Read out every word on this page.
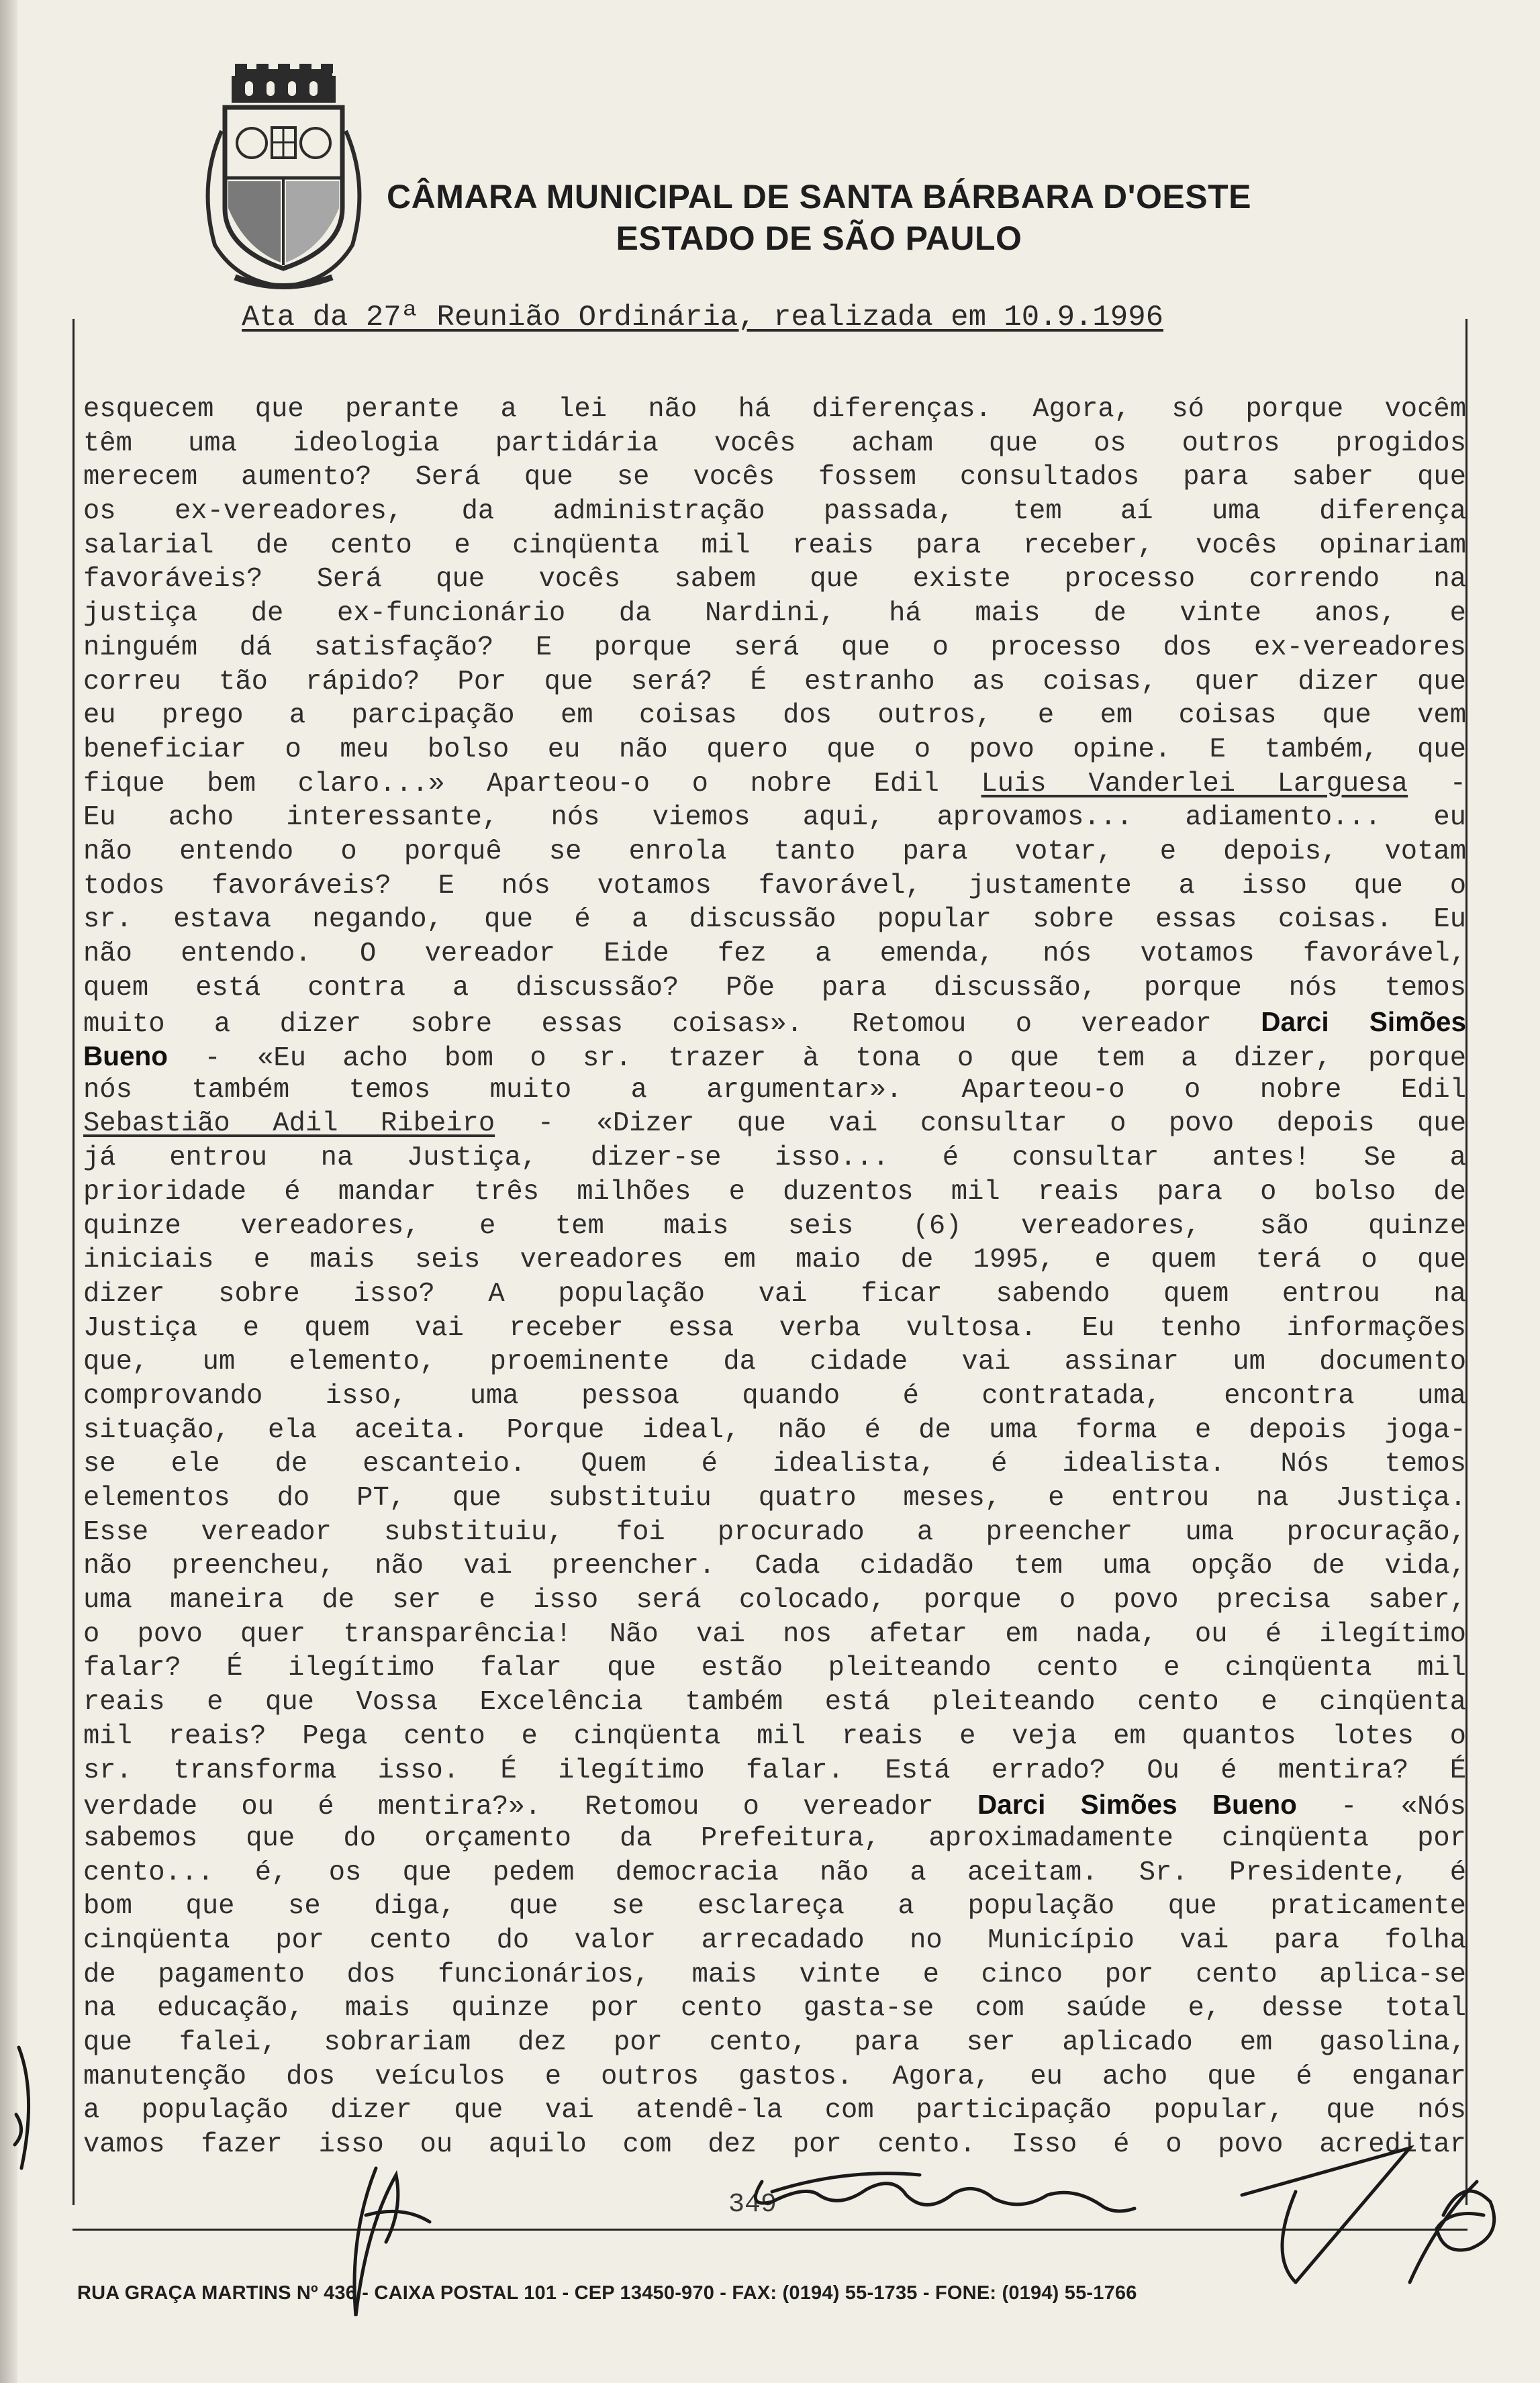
CÂMARA MUNICIPAL DE SANTA BÁRBARA D'OESTE
ESTADO DE SÃO PAULO
Ata da 27ª Reunião Ordinária, realizada em 10.9.1996
esquecem que perante a lei não há diferenças. Agora, só porque vocêm
têm uma ideologia partidária vocês acham que os outros progidos
merecem aumento? Será que se vocês fossem consultados para saber que
os ex-vereadores, da administração passada, tem aí uma diferença
salarial de cento e cinqüenta mil reais para receber, vocês opinariam
favoráveis? Será que vocês sabem que existe processo correndo na
justiça de ex-funcionário da Nardini, há mais de vinte anos, e
ninguém dá satisfação? E porque será que o processo dos ex-vereadores
correu tão rápido? Por que será? É estranho as coisas, quer dizer que
eu prego a parcipação em coisas dos outros, e em coisas que vem
beneficiar o meu bolso eu não quero que o povo opine. E também, que
fique bem claro...» Aparteou-o o nobre Edil Luis Vanderlei Larguesa -
Eu acho interessante, nós viemos aqui, aprovamos... adiamento... eu
não entendo o porquê se enrola tanto para votar, e depois, votam
todos favoráveis? E nós votamos favorável, justamente a isso que o
sr. estava negando, que é a discussão popular sobre essas coisas. Eu
não entendo. O vereador Eide fez a emenda, nós votamos favorável,
quem está contra a discussão? Põe para discussão, porque nós temos
muito a dizer sobre essas coisas». Retomou o vereador Darci Simões
Bueno - «Eu acho bom o sr. trazer à tona o que tem a dizer, porque
nós também temos muito a argumentar». Aparteou-o o nobre Edil
Sebastião Adil Ribeiro - «Dizer que vai consultar o povo depois que
já entrou na Justiça, dizer-se isso... é consultar antes! Se a
prioridade é mandar três milhões e duzentos mil reais para o bolso de
quinze vereadores, e tem mais seis (6) vereadores, são quinze
iniciais e mais seis vereadores em maio de 1995, e quem terá o que
dizer sobre isso? A população vai ficar sabendo quem entrou na
Justiça e quem vai receber essa verba vultosa. Eu tenho informações
que, um elemento, proeminente da cidade vai assinar um documento
comprovando isso, uma pessoa quando é contratada, encontra uma
situação, ela aceita. Porque ideal, não é de uma forma e depois joga-
se ele de escanteio. Quem é idealista, é idealista. Nós temos
elementos do PT, que substituiu quatro meses, e entrou na Justiça.
Esse vereador substituiu, foi procurado a preencher uma procuração,
não preencheu, não vai preencher. Cada cidadão tem uma opção de vida,
uma maneira de ser e isso será colocado, porque o povo precisa saber,
o povo quer transparência! Não vai nos afetar em nada, ou é ilegítimo
falar? É ilegítimo falar que estão pleiteando cento e cinqüenta mil
reais e que Vossa Excelência também está pleiteando cento e cinqüenta
mil reais? Pega cento e cinqüenta mil reais e veja em quantos lotes o
sr. transforma isso. É ilegítimo falar. Está errado? Ou é mentira? É
verdade ou é mentira?». Retomou o vereador Darci Simões Bueno - «Nós
sabemos que do orçamento da Prefeitura, aproximadamente cinqüenta por
cento... é, os que pedem democracia não a aceitam. Sr. Presidente, é
bom que se diga, que se esclareça a população que praticamente
cinqüenta por cento do valor arrecadado no Município vai para folha
de pagamento dos funcionários, mais vinte e cinco por cento aplica-se
na educação, mais quinze por cento gasta-se com saúde e, desse total
que falei, sobrariam dez por cento, para ser aplicado em gasolina,
manutenção dos veículos e outros gastos. Agora, eu acho que é enganar
a população dizer que vai atendê-la com participação popular, que nós
vamos fazer isso ou aquilo com dez por cento. Isso é o povo acreditar
349
RUA GRAÇA MARTINS Nº 436 - CAIXA POSTAL 101 - CEP 13450-970 - FAX: (0194) 55-1735 - FONE: (0194) 55-1766
